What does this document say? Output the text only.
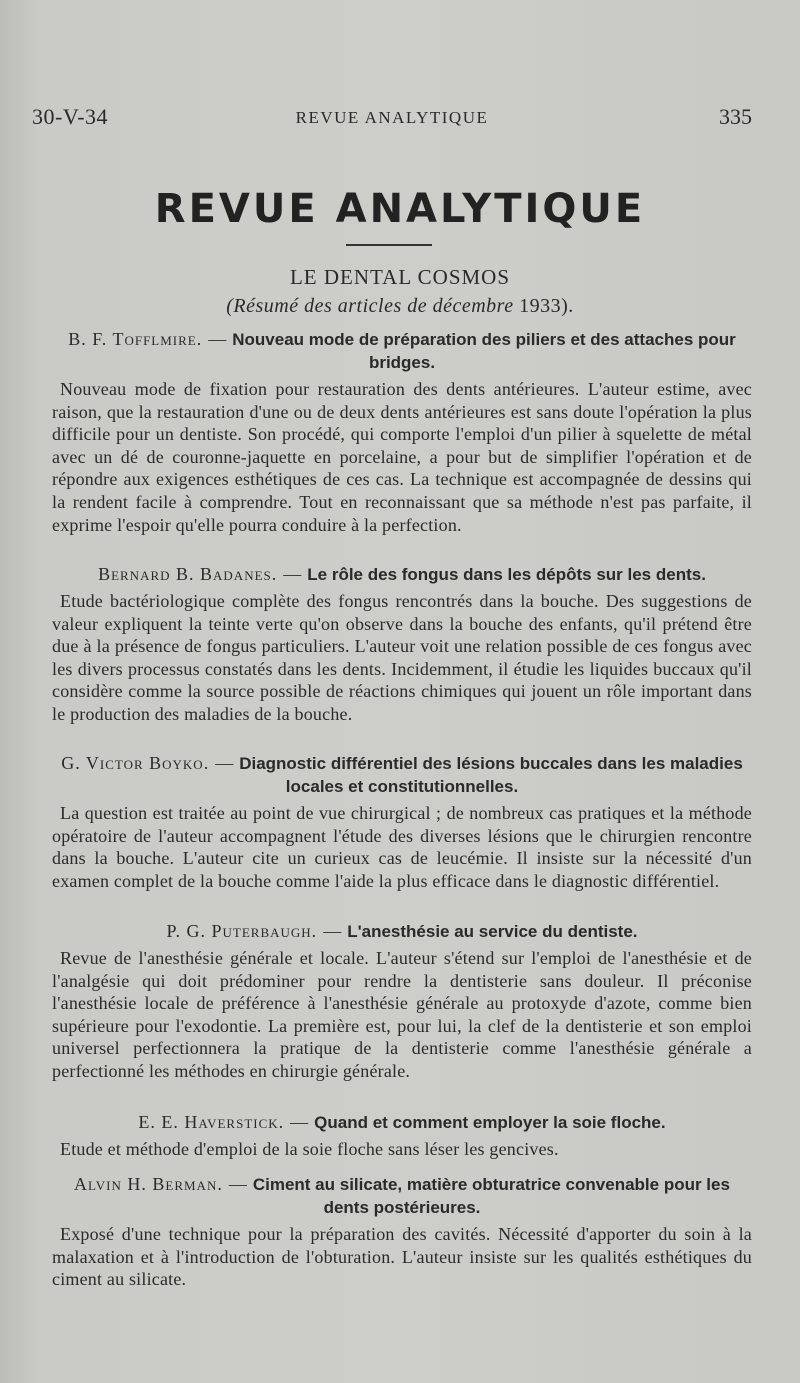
30-V-34	REVUE ANALYTIQUE	335
REVUE ANALYTIQUE
LE DENTAL COSMOS
(Résumé des articles de décembre 1933).

B. F. Tofflmire. — Nouveau mode de préparation des piliers et des attaches pour bridges.

Nouveau mode de fixation pour restauration des dents antérieures. L'auteur estime, avec raison, que la restauration d'une ou de deux dents antérieures est sans doute l'opération la plus difficile pour un dentiste. Son procédé, qui comporte l'emploi d'un pilier à squelette de métal avec un dé de couronne-jaquette en porcelaine, a pour but de simplifier l'opération et de répondre aux exigences esthétiques de ces cas. La technique est accompagnée de dessins qui la rendent facile à comprendre. Tout en reconnaissant que sa méthode n'est pas parfaite, il exprime l'espoir qu'elle pourra conduire à la perfection.

Bernard B. Badanes. — Le rôle des fongus dans les dépôts sur les dents.

Etude bactériologique complète des fongus rencontrés dans la bouche. Des suggestions de valeur expliquent la teinte verte qu'on observe dans la bouche des enfants, qu'il prétend être due à la présence de fongus particuliers. L'auteur voit une relation possible de ces fongus avec les divers processus constatés dans les dents. Incidemment, il étudie les liquides buccaux qu'il considère comme la source possible de réactions chimiques qui jouent un rôle important dans le production des maladies de la bouche.

G. Victor Boyko. — Diagnostic différentiel des lésions buccales dans les maladies locales et constitutionnelles.

La question est traitée au point de vue chirurgical ; de nombreux cas pratiques et la méthode opératoire de l'auteur accompagnent l'étude des diverses lésions que le chirurgien rencontre dans la bouche. L'auteur cite un curieux cas de leucémie. Il insiste sur la nécessité d'un examen complet de la bouche comme l'aide la plus efficace dans le diagnostic différentiel.

P. G. Puterbaugh. — L'anesthésie au service du dentiste.

Revue de l'anesthésie générale et locale. L'auteur s'étend sur l'emploi de l'anesthésie et de l'analgésie qui doit prédominer pour rendre la dentisterie sans douleur. Il préconise l'anesthésie locale de préférence à l'anesthésie générale au protoxyde d'azote, comme bien supérieure pour l'exodontie. La première est, pour lui, la clef de la dentisterie et son emploi universel perfectionnera la pratique de la dentisterie comme l'anesthésie générale a perfectionné les méthodes en chirurgie générale.

E. E. Haverstick. — Quand et comment employer la soie floche.

Etude et méthode d'emploi de la soie floche sans léser les gencives.

Alvin H. Berman. — Ciment au silicate, matière obturatrice convenable pour les dents postérieures.

Exposé d'une technique pour la préparation des cavités. Nécessité d'apporter du soin à la malaxation et à l'introduction de l'obturation. L'auteur insiste sur les qualités esthétiques du ciment au silicate.
